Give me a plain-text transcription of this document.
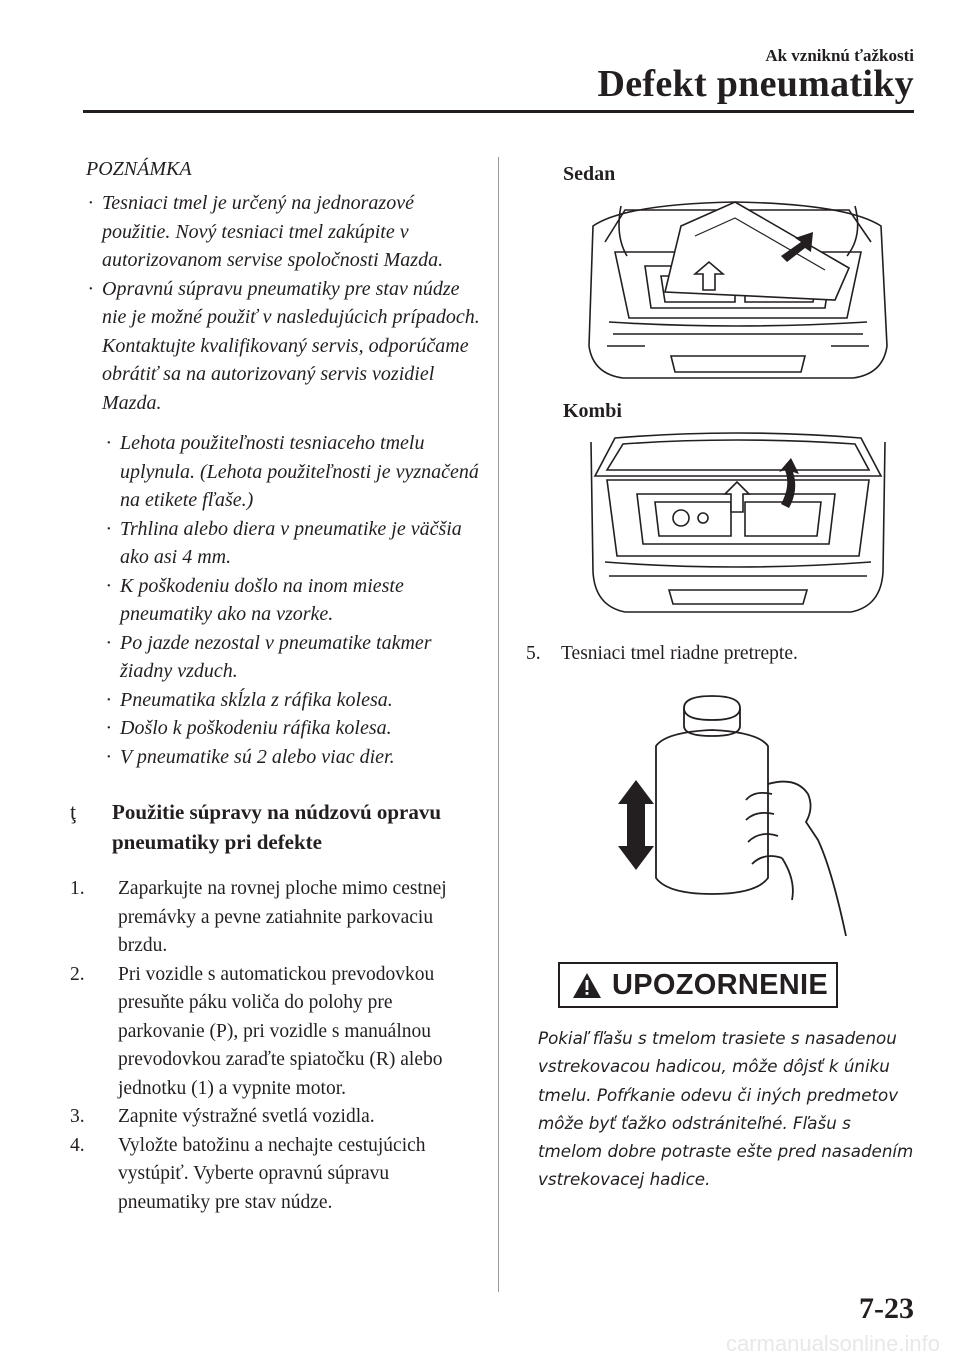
Ak vzniknú ťažkosti
Defekt pneumatiky
POZNÁMKA
· Tesniaci tmel je určený na jednorazové použitie. Nový tesniaci tmel zakúpite v autorizovanom servise spoločnosti Mazda.
· Opravnú súpravu pneumatiky pre stav núdze nie je možné použiť v nasledujúcich prípadoch. Kontaktujte kvalifikovaný servis, odporúčame obrátiť sa na autorizovaný servis vozidiel Mazda.
· Lehota použiteľnosti tesniaceho tmelu uplynula. (Lehota použiteľnosti je vyznačená na etikete fľaše.)
· Trhlina alebo diera v pneumatike je väčšia ako asi 4 mm.
· K poškodeniu došlo na inom mieste pneumatiky ako na vzorke.
· Po jazde nezostal v pneumatike takmer žiadny vzduch.
· Pneumatika skĺzla z ráfika kolesa.
· Došlo k poškodeniu ráfika kolesa.
· V pneumatike sú 2 alebo viac dier.
ţ Použitie súpravy na núdzovú opravu pneumatiky pri defekte
1. Zaparkujte na rovnej ploche mimo cestnej premávky a pevne zatiahnite parkovaciu brzdu.
2. Pri vozidle s automatickou prevodovkou presuňte páku voliča do polohy pre parkovanie (P), pri vozidle s manuálnou prevodovkou zaraďte spiatočku (R) alebo jednotku (1) a vypnite motor.
3. Zapnite výstražné svetlá vozidla.
4. Vyložte batožinu a nechajte cestujúcich vystúpiť. Vyberte opravnú súpravu pneumatiky pre stav núdze.
Sedan
Kombi
5. Tesniaci tmel riadne pretrepte.
UPOZORNENIE
Pokiaľ fľašu s tmelom trasiete s nasadenou vstrekovacou hadicou, môže dôjsť k úniku tmelu. Pofŕkanie odevu či iných predmetov môže byť ťažko odstrániteľné. Fľašu s tmelom dobre potraste ešte pred nasadením vstrekovacej hadice.
7-23
carmanualsonline.info
